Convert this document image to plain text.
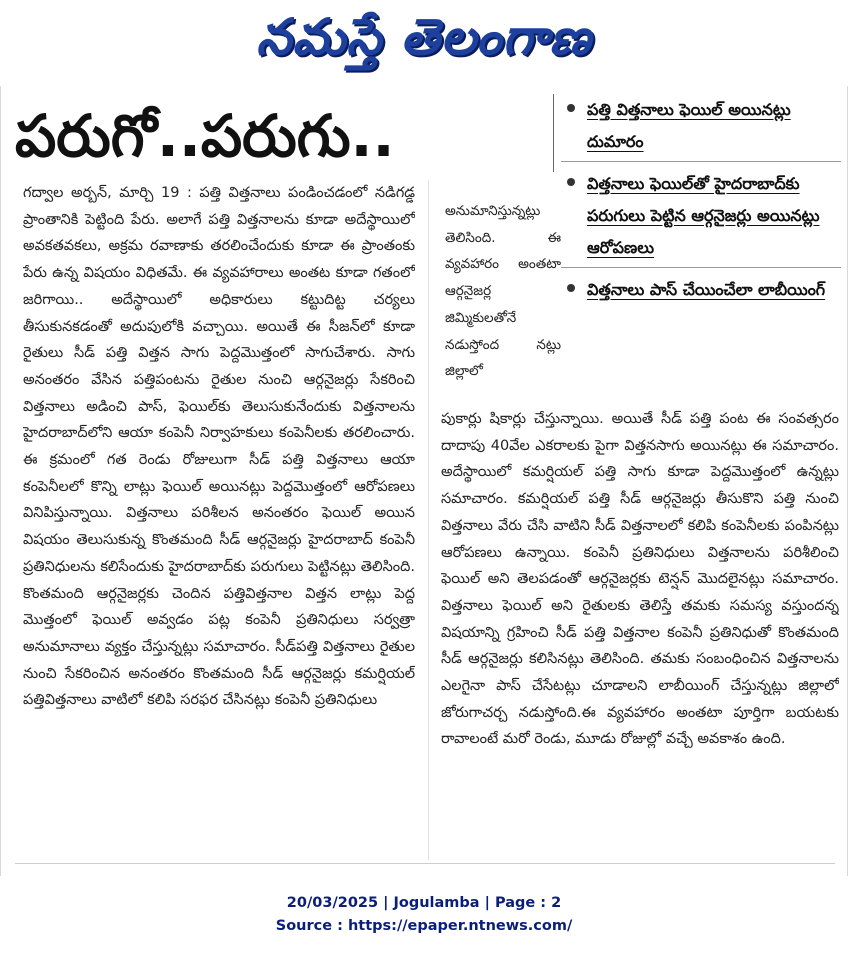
నమస్తే తెలంగాణ
పరుగో..పరుగు..	పత్తి విత్తనాలు ఫెయిల్ అయినట్లు దుమారం
విత్తనాలు ఫెయిల్‌తో హైదరాబాద్‌కు పరుగులు పెట్టిన ఆర్గనైజర్లు అయినట్లు ఆరోపణలు
విత్తనాలు పాస్ చేయించేలా లాబీయింగ్
గద్వాల అర్బన్, మార్చి 19 : పత్తి విత్తనాలు పండించడంలో నడిగడ్డ ప్రాంతానికి పెట్టింది పేరు. అలాగే పత్తి విత్తనాలను కూడా అదేస్థాయిలో అవకతవకలు, అక్రమ రవాణాకు తరలించేందుకు కూడా ఈ ప్రాంతంకు పేరు ఉన్న విషయం విధితమే. ఈ వ్యవహారాలు అంతట కూడా గతంలో జరిగాయి.. అదేస్థాయిలో అధికారులు కట్టుదిట్ట చర్యలు తీసుకునకడంతో అదుపులోకి వచ్చాయి. అయితే ఈ సీజన్‌లో కూడా రైతులు సీడ్ పత్తి విత్తన సాగు పెద్దమొత్తంలో సాగుచేశారు. సాగు అనంతరం వేసిన పత్తిపంటను రైతుల నుంచి ఆర్గనైజర్లు సేకరించి విత్తనాలు అడించి పాస్, ఫెయిల్‌కు తెలుసుకునేందుకు విత్తనాలను హైదరాబాద్‌లోని ఆయా కంపెనీ నిర్వాహకులు కంపెనీలకు తరలించారు. ఈ క్రమంలో గత రెండు రోజులుగా సీడ్ పత్తి విత్తనాలు ఆయా కంపెనీలలో కొన్ని లాట్లు ఫెయిల్ అయినట్లు పెద్దమొత్తంలో ఆరోపణలు వినిపిస్తున్నాయి. విత్తనాలు పరిశీలన అనంతరం ఫెయిల్ అయిన విషయం తెలుసుకున్న కొంతమంది సీడ్ ఆర్గనైజర్లు హైదరాబాద్ కంపెనీ ప్రతినిధులను కలిసేందుకు హైదరాబాద్‌కు పరుగులు పెట్టినట్లు తెలిసింది. కొంతమంది ఆర్గనైజర్లకు చెందిన పత్తివిత్తనాల విత్తన లాట్లు పెద్ద మొత్తంలో ఫెయిల్ అవ్వడం పట్ల కంపెనీ ప్రతినిధులు సర్వత్రా అనుమానాలు వ్యక్తం చేస్తున్నట్లు సమాచారం. సీడ్‌పత్తి విత్తనాలు రైతుల నుంచి సేకరించిన అనంతరం కొంతమంది సీడ్ ఆర్గనైజర్లు కమర్షియల్ పత్తివిత్తనాలు వాటిలో కలిపి సరఫర చేసినట్లు కంపెనీ ప్రతినిధులు
అనుమానిస్తున్నట్లు తెలిసింది. ఈ వ్యవహారం అంతటా ఆర్గనైజర్ల జిమ్మికులతోనే నడుస్తోంద నట్లు జిల్లాలో
పుకార్లు షికార్లు చేస్తున్నాయి. అయితే సీడ్ పత్తి పంట ఈ సంవత్సరం దాదాపు 40వేల ఎకరాలకు పైగా విత్తనసాగు అయినట్లు ఈ సమాచారం. అదేస్థాయిలో కమర్షియల్ పత్తి సాగు కూడా పెద్దమొత్తంలో ఉన్నట్లు సమాచారం. కమర్షియల్ పత్తి సీడ్ ఆర్గనైజర్లు తీసుకొని పత్తి నుంచి విత్తనాలు వేరు చేసి వాటిని సీడ్ విత్తనాలలో కలిపి కంపెనీలకు పంపినట్లు ఆరోపణలు ఉన్నాయి. కంపెనీ ప్రతినిధులు విత్తనాలను పరిశీలించి ఫెయిల్ అని తెలపడంతో ఆర్గనైజర్లకు టెన్షన్ మొదలైనట్లు సమాచారం. విత్తనాలు ఫెయిల్ అని రైతులకు తెలిస్తే తమకు సమస్య వస్తుందన్న విషయాన్ని గ్రహించి సీడ్ పత్తి విత్తనాల కంపెనీ ప్రతినిధుతో కొంతమంది సీడ్ ఆర్గనైజర్లు కలిసినట్లు తెలిసింది. తమకు సంబంధించిన విత్తనాలను ఎలగైనా పాస్ చేసేటట్లు చూడాలని లాబీయింగ్ చేస్తున్నట్లు జిల్లాలో జోరుగాచర్చ నడుస్తోంది.ఈ వ్యవహారం అంతటా పూర్తిగా బయటకు రావాలంటే మరో రెండు, మూడు రోజుల్లో వచ్చే అవకాశం ఉంది.
20/03/2025 | Jogulamba | Page : 2
Source : https://epaper.ntnews.com/
